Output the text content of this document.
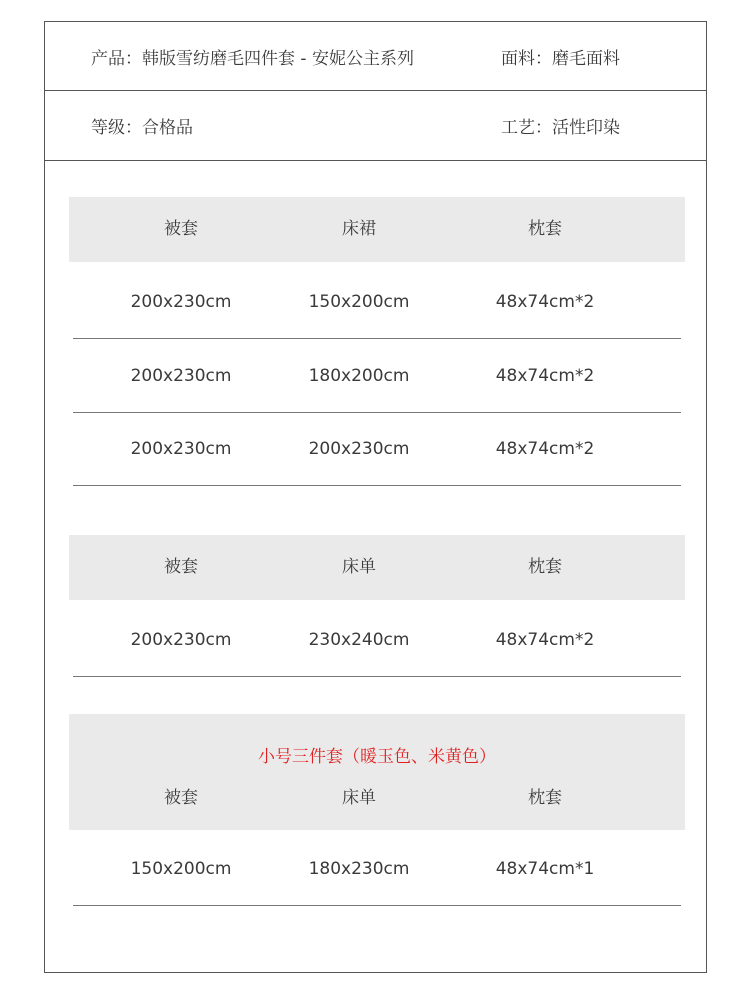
产品：韩版雪纺磨毛四件套 - 安妮公主系列	面料：磨毛面料
等级：合格品	工艺：活性印染
被套	床裙	枕套
200x230cm	150x200cm	48x74cm*2
200x230cm	180x200cm	48x74cm*2
200x230cm	200x230cm	48x74cm*2
被套	床单	枕套
200x230cm	230x240cm	48x74cm*2
小号三件套（暖玉色、米黄色）
被套	床单	枕套
150x200cm	180x230cm	48x74cm*1
